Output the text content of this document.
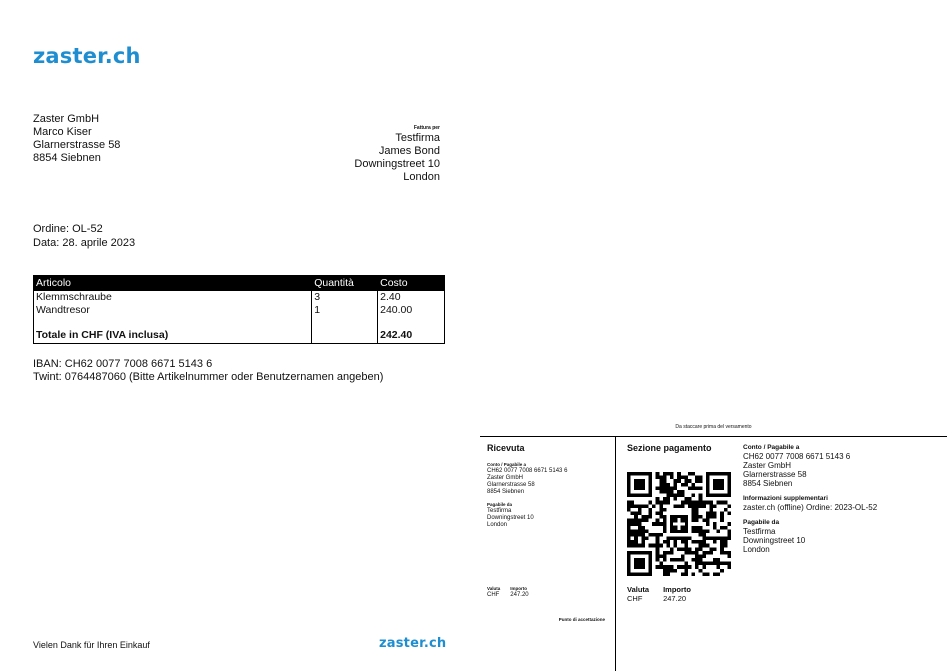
zaster.ch
Zaster GmbH
Marco Kiser
Glarnerstrasse 58
8854 Siebnen
Fattura per
Testfirma
James Bond
Downingstreet 10
London
Ordine: OL-52
Data: 28. aprile 2023
Articolo	Quantità	Costo
Klemmschraube	3	2.40
Wandtresor	1	240.00

Totale in CHF (IVA inclusa)		242.40
IBAN: CH62 0077 7008 6671 5143 6
Twint: 0764487060 (Bitte Artikelnummer oder Benutzernamen angeben)
Vielen Dank für Ihren Einkauf	zaster.ch
Da staccare prima del versamento
Ricevuta
Conto / Pagabile a
CH62 0077 7008 6671 5143 6
Zaster GmbH
Glarnerstrasse 58
8854 Siebnen
Pagabile da
Testfirma
Downingstreet 10
London
Valuta
CHF
Importo
247.20
Punto di accettazione
Sezione pagamento
Valuta
CHF
Importo
247.20
Conto / Pagabile a
CH62 0077 7008 6671 5143 6
Zaster GmbH
Glarnerstrasse 58
8854 Siebnen
Informazioni supplementari
zaster.ch (offline) Ordine: 2023-OL-52
Pagabile da
Testfirma
Downingstreet 10
London
